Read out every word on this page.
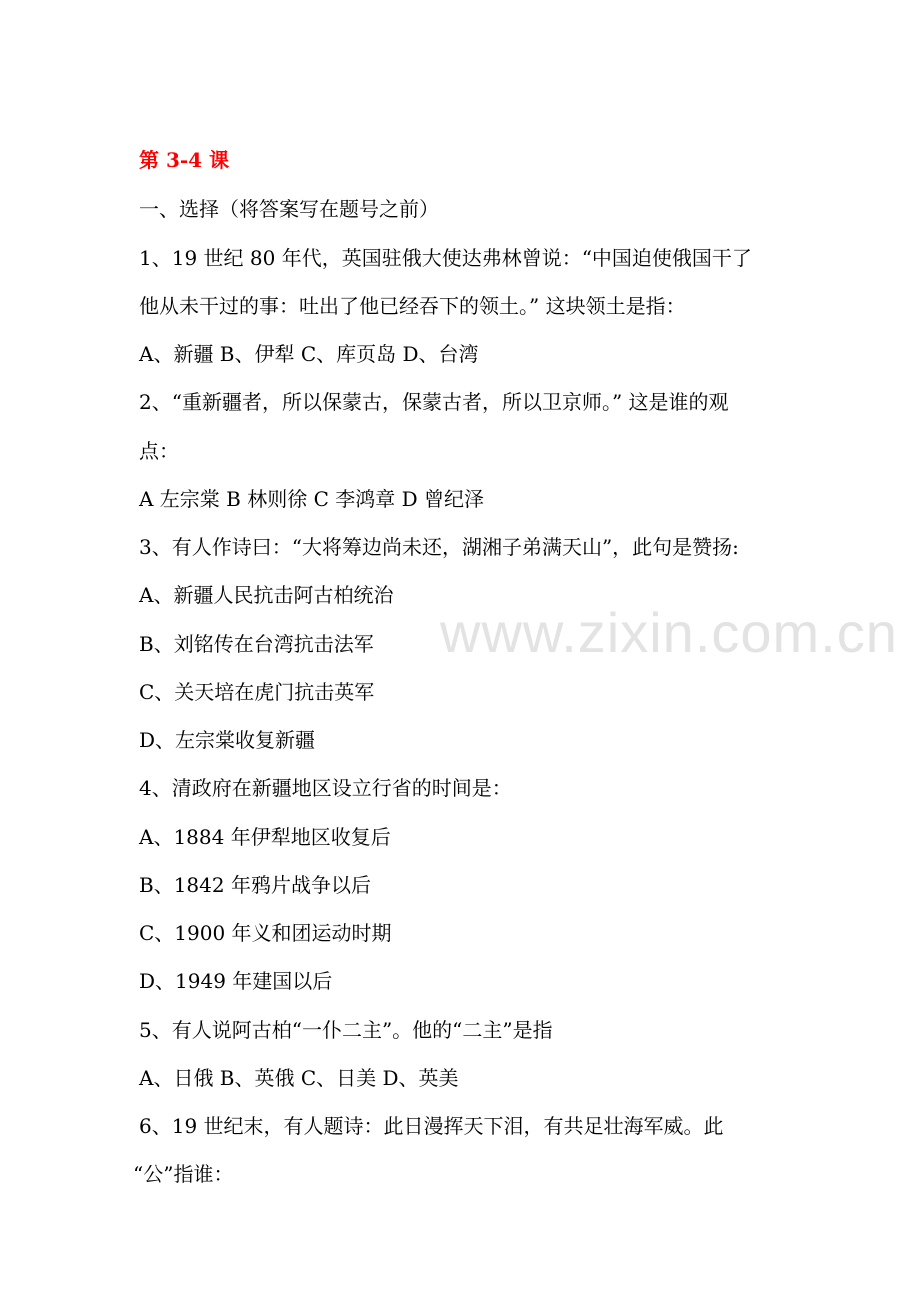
www.zixin.com.cn
第 3-4 课
一、选择（将答案写在题号之前）
1、19 世纪 80 年代，英国驻俄大使达弗林曾说：“中国迫使俄国干了
他从未干过的事：吐出了他已经吞下的领土。” 这块领土是指：
A、新疆 B、伊犁 C、库页岛 D、台湾
2、“重新疆者，所以保蒙古，保蒙古者，所以卫京师。” 这是谁的观
点：
A 左宗棠 B 林则徐 C 李鸿章 D 曾纪泽
3、有人作诗曰：“大将筹边尚未还，湖湘子弟满天山”，此句是赞扬:
A、新疆人民抗击阿古柏统治
B、刘铭传在台湾抗击法军
C、关天培在虎门抗击英军
D、左宗棠收复新疆
4、清政府在新疆地区设立行省的时间是：
A、1884 年伊犁地区收复后
B、1842 年鸦片战争以后
C、1900 年义和团运动时期
D、1949 年建国以后
5、有人说阿古柏“一仆二主”。他的“二主”是指
A、日俄 B、英俄 C、日美 D、英美
6、19 世纪末，有人题诗：此日漫挥天下泪，有共足壮海军威。此
“公”指谁：
